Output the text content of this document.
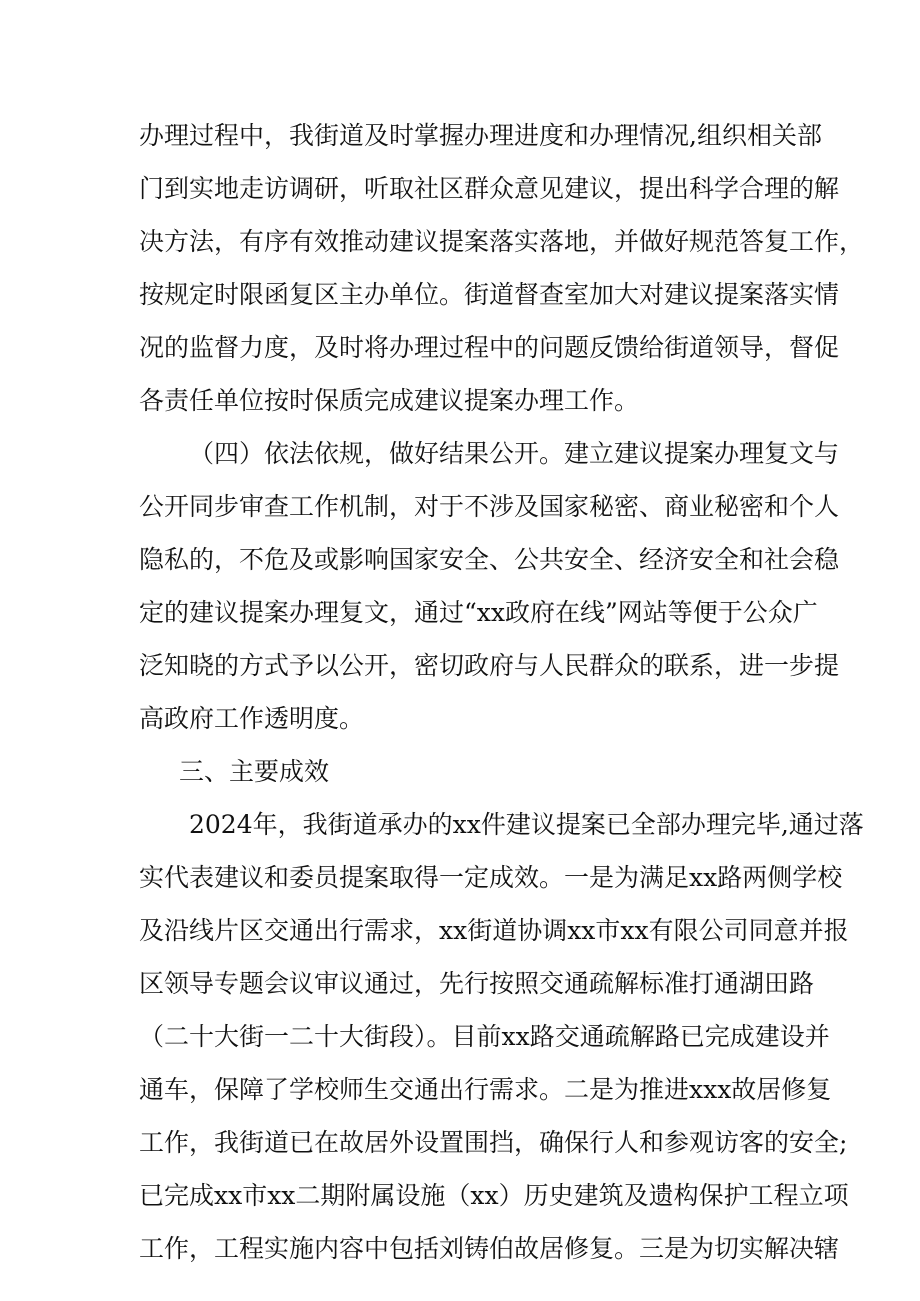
办理过程中，我街道及时掌握办理进度和办理情况,组织相关部
门到实地走访调研，听取社区群众意见建议，提出科学合理的解
决方法，有序有效推动建议提案落实落地，并做好规范答复工作，
按规定时限函复区主办单位。街道督查室加大对建议提案落实情
况的监督力度，及时将办理过程中的问题反馈给街道领导，督促
各责任单位按时保质完成建议提案办理工作。
（四）依法依规，做好结果公开。建立建议提案办理复文与
公开同步审查工作机制，对于不涉及国家秘密、商业秘密和个人
隐私的，不危及或影响国家安全、公共安全、经济安全和社会稳
定的建议提案办理复文，通过“xx政府在线”网站等便于公众广
泛知晓的方式予以公开，密切政府与人民群众的联系，进一步提
高政府工作透明度。
三、主要成效
2024年，我街道承办的xx件建议提案已全部办理完毕,通过落
实代表建议和委员提案取得一定成效。一是为满足xx路两侧学校
及沿线片区交通出行需求，xx街道协调xx市xx有限公司同意并报
区领导专题会议审议通过，先行按照交通疏解标准打通湖田路
（二十大街一二十大街段）。目前xx路交通疏解路已完成建设并
通车，保障了学校师生交通出行需求。二是为推进xxx故居修复
工作，我街道已在故居外设置围挡，确保行人和参观访客的安全;
已完成xx市xx二期附属设施（xx）历史建筑及遗构保护工程立项
工作，工程实施内容中包括刘铸伯故居修复。三是为切实解决辖
